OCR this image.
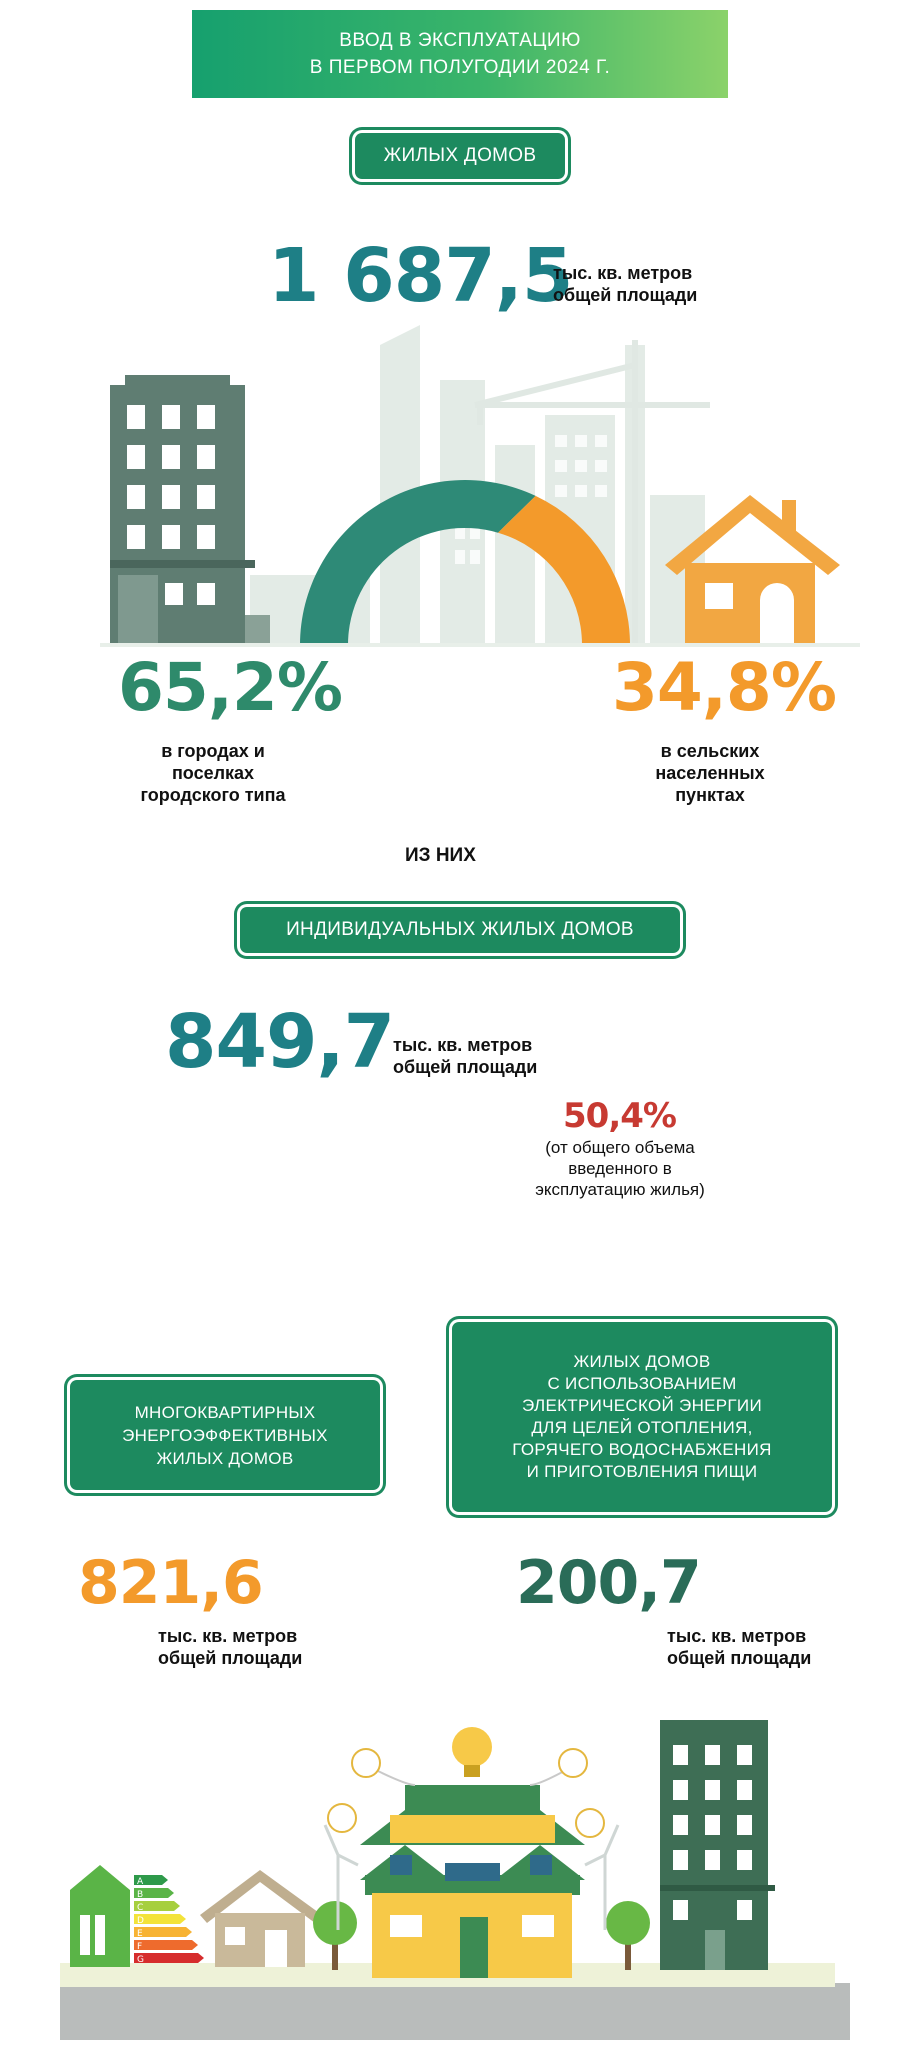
ВВОД В ЭКСПЛУАТАЦИЮ
В ПЕРВОМ ПОЛУГОДИИ 2024 Г.
ЖИЛЫХ ДОМОВ
1 687,5
тыс. кв. метров
общей площади
65,2%
в городах и
поселках
городского типа
34,8%
в сельских
населенных
пунктах
ИЗ НИХ
ИНДИВИДУАЛЬНЫХ ЖИЛЫХ ДОМОВ
849,7
тыс. кв. метров
общей площади
50,4%
(от общего объема
введенного в
эксплуатацию жилья)
МНОГОКВАРТИРНЫХ
ЭНЕРГОЭФФЕКТИВНЫХ
ЖИЛЫХ ДОМОВ
ЖИЛЫХ ДОМОВ
С ИСПОЛЬЗОВАНИЕМ
ЭЛЕКТРИЧЕСКОЙ ЭНЕРГИИ
ДЛЯ ЦЕЛЕЙ ОТОПЛЕНИЯ,
ГОРЯЧЕГО ВОДОСНАБЖЕНИЯ
И ПРИГОТОВЛЕНИЯ ПИЩИ
821,6
тыс. кв. метров
общей площади
200,7
тыс. кв. метров
общей площади
A
B
C
D
E
F
G
